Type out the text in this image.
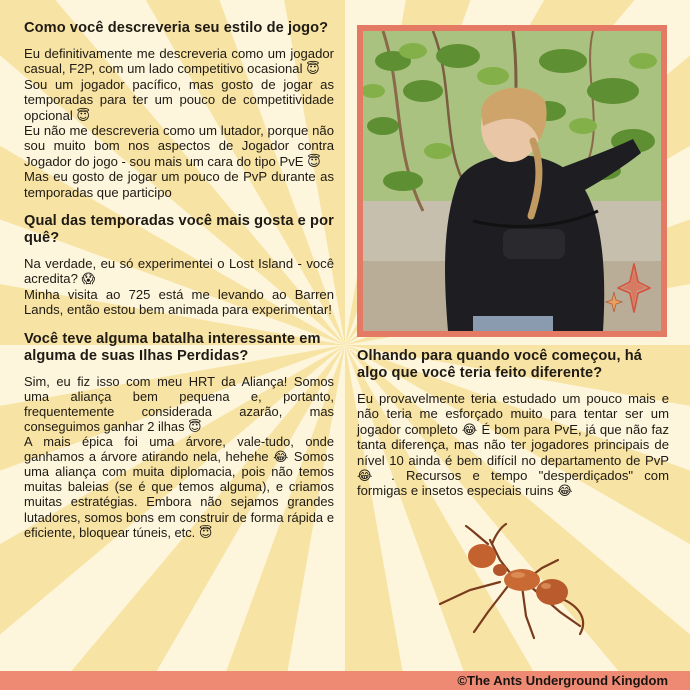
Como você descreveria seu estilo de jogo?

Eu definitivamente me descreveria como um jogador casual, F2P, com um lado competitivo ocasional 😇
Sou um jogador pacífico, mas gosto de jogar as temporadas para ter um pouco de competitividade opcional 😇
Eu não me descreveria como um lutador, porque não sou muito bom nos aspectos de Jogador contra Jogador do jogo - sou mais um cara do tipo PvE 😇
Mas eu gosto de jogar um pouco de PvP durante as temporadas que participo

Qual das temporadas você mais gosta e por quê?

Na verdade, eu só experimentei o Lost Island - você acredita? 😱
Minha visita ao 725 está me levando ao Barren Lands, então estou bem animada para experimentar!

Você teve alguma batalha interessante em alguma de suas Ilhas Perdidas?

Sim, eu fiz isso com meu HRT da Aliança! Somos uma aliança bem pequena e, portanto, frequentemente considerada azarão, mas conseguimos ganhar 2 ilhas 😇
A mais épica foi uma árvore, vale-tudo, onde ganhamos a árvore atirando nela, hehehe 😂 Somos uma aliança com muita diplomacia, pois não temos muitas baleias (se é que temos alguma), e criamos muitas estratégias. Embora não sejamos grandes lutadores, somos bons em construir de forma rápida e eficiente, bloquear túneis, etc. 😇

Olhando para quando você começou, há algo que você teria feito diferente?

Eu provavelmente teria estudado um pouco mais e não teria me esforçado muito para tentar ser um jogador completo 😂 É bom para PvE, já que não faz tanta diferença, mas não ter jogadores principais de nível 10 ainda é bem difícil no departamento de PvP 😂 . Recursos e tempo "desperdiçados" com formigas e insetos especiais ruins 😂

©The Ants Underground Kingdom
